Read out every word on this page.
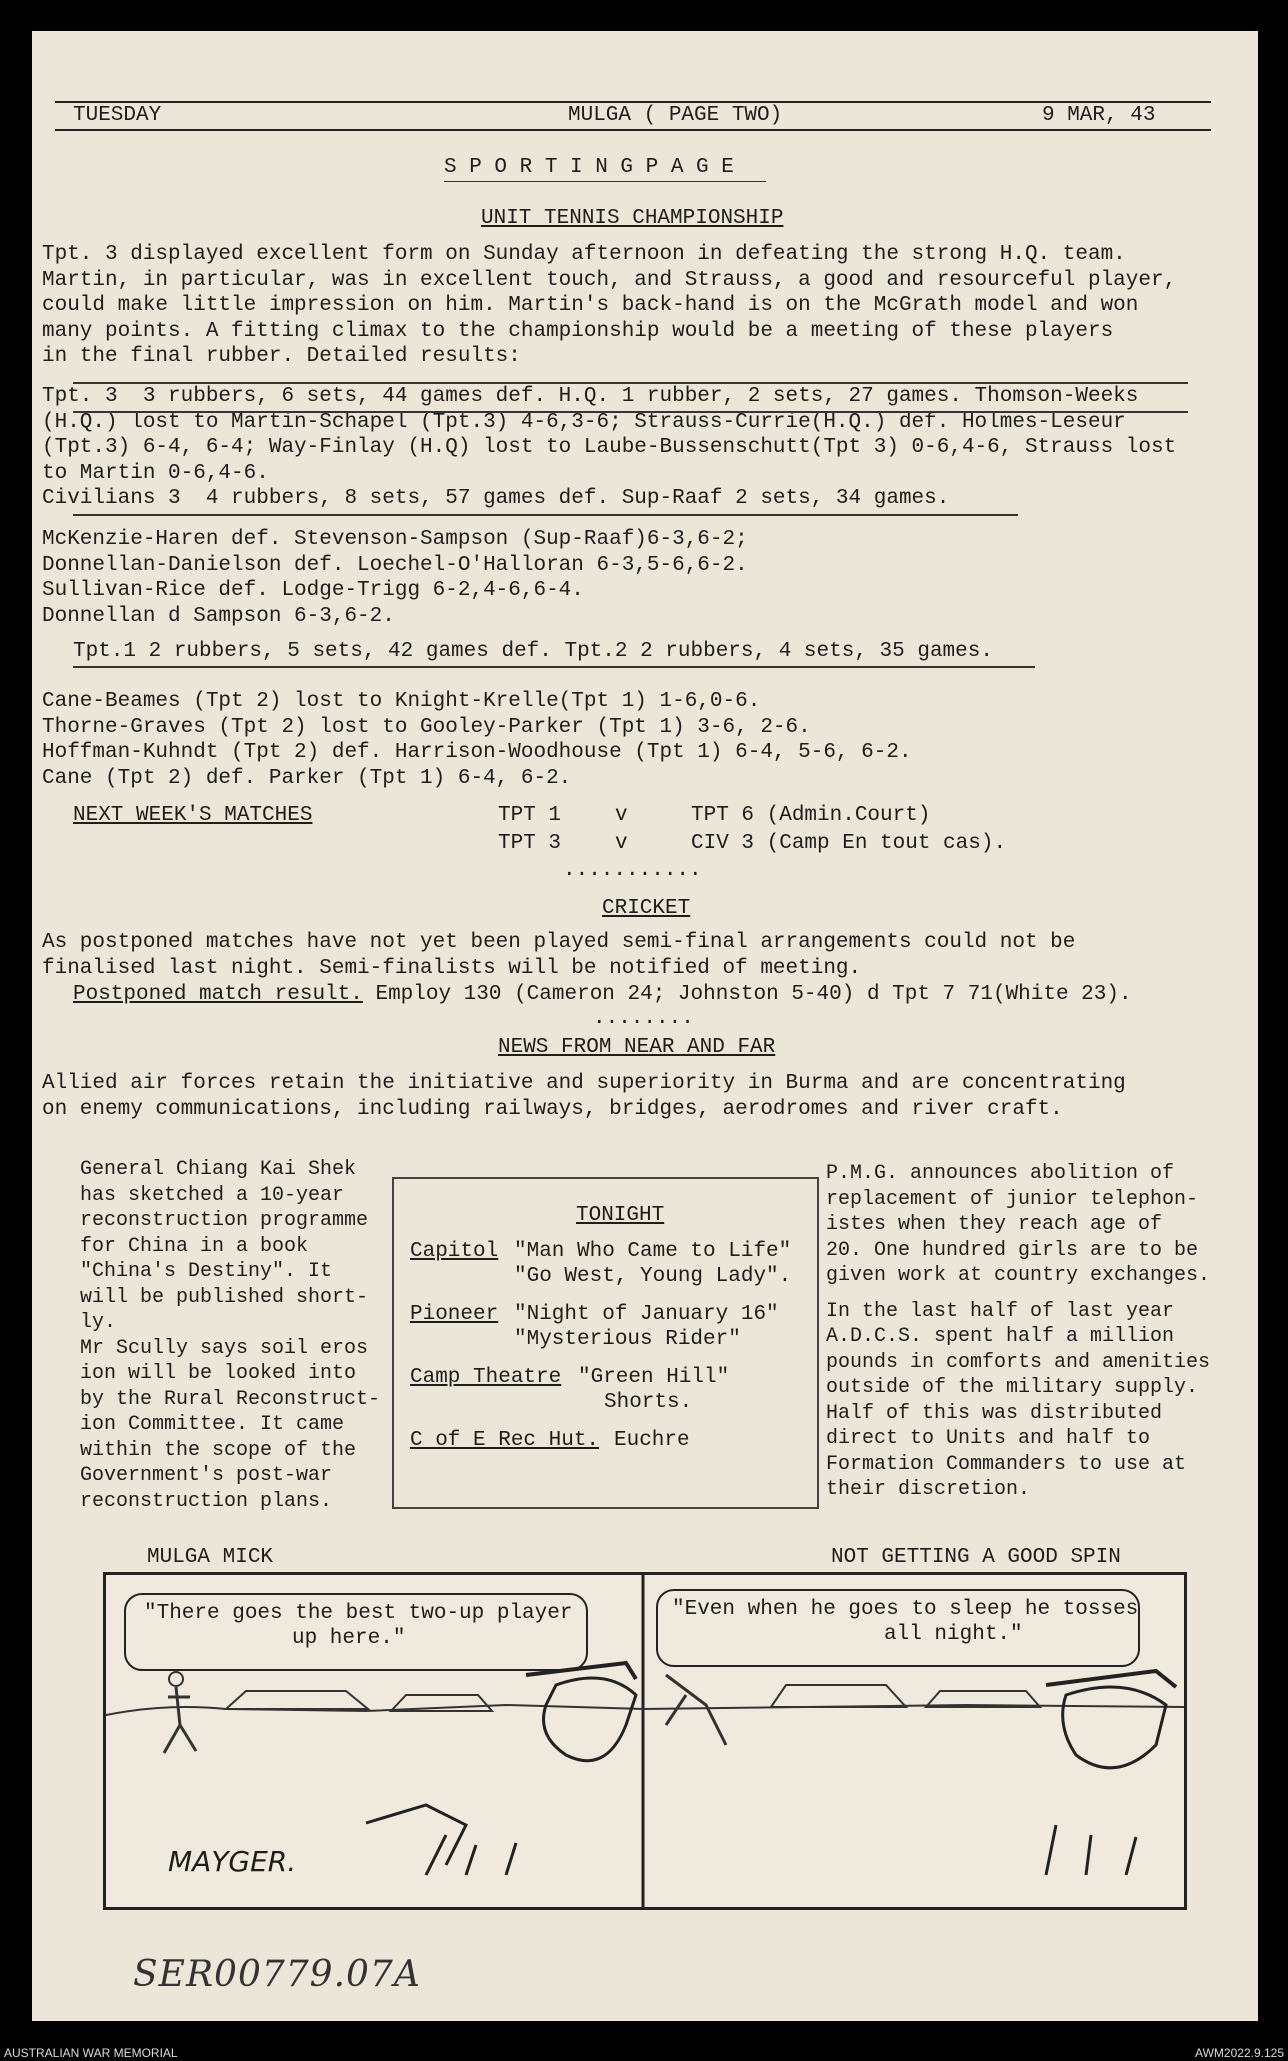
TUESDAY	MULGA ( PAGE TWO)	9 MAR, 43
S P O R T I N G P A G E
UNIT TENNIS CHAMPIONSHIP
Tpt. 3 displayed excellent form on Sunday afternoon in defeating the strong H.Q. team.
Martin, in particular, was in excellent touch, and Strauss, a good and resourceful player,
could make little impression on him. Martin's back-hand is on the McGrath model and won
many points. A fitting climax to the championship would be a meeting of these players
in the final rubber. Detailed results:
Tpt. 3  3 rubbers, 6 sets, 44 games def. H.Q. 1 rubber, 2 sets, 27 games. Thomson-Weeks
(H.Q.) lost to Martin-Schapel (Tpt.3) 4-6,3-6; Strauss-Currie(H.Q.) def. Holmes-Leseur
(Tpt.3) 6-4, 6-4; Way-Finlay (H.Q) lost to Laube-Bussenschutt(Tpt 3) 0-6,4-6, Strauss lost
to Martin 0-6,4-6.
Civilians 3  4 rubbers, 8 sets, 57 games def. Sup-Raaf 2 sets, 34 games.
McKenzie-Haren def. Stevenson-Sampson (Sup-Raaf)6-3,6-2;
Donnellan-Danielson def. Loechel-O'Halloran 6-3,5-6,6-2.
Sullivan-Rice def. Lodge-Trigg 6-2,4-6,6-4.
Donnellan d Sampson 6-3,6-2.
Tpt.1 2 rubbers, 5 sets, 42 games def. Tpt.2 2 rubbers, 4 sets, 35 games.
Cane-Beames (Tpt 2) lost to Knight-Krelle(Tpt 1) 1-6,0-6.
Thorne-Graves (Tpt 2) lost to Gooley-Parker (Tpt 1) 3-6, 2-6.
Hoffman-Kuhndt (Tpt 2) def. Harrison-Woodhouse (Tpt 1) 6-4, 5-6, 6-2.
Cane (Tpt 2) def. Parker (Tpt 1) 6-4, 6-2.
NEXT WEEK'S MATCHES	TPT 1	v	TPT 6 (Admin.Court)
TPT 3	v	CIV 3 (Camp En tout cas).
...........
CRICKET
As postponed matches have not yet been played semi-final arrangements could not be
finalised last night. Semi-finalists will be notified of meeting.
Postponed match result. Employ 130 (Cameron 24; Johnston 5-40) d Tpt 7 71(White 23).
........
NEWS FROM NEAR AND FAR
Allied air forces retain the initiative and superiority in Burma and are concentrating
on enemy communications, including railways, bridges, aerodromes and river craft.
General Chiang Kai Shek
has sketched a 10-year
reconstruction programme
for China in a book
"China's Destiny". It
will be published short-
ly.
Mr Scully says soil eros
ion will be looked into
by the Rural Reconstruct-
ion Committee. It came
within the scope of the
Government's post-war
reconstruction plans.
TONIGHT
Capitol "Man Who Came to Life"
"Go West, Young Lady".
Pioneer "Night of January 16"
"Mysterious Rider"
Camp Theatre "Green Hill"
Shorts.
C of E Rec Hut. Euchre
P.M.G. announces abolition of
replacement of junior telephon-
istes when they reach age of
20. One hundred girls are to be
given work at country exchanges.
In the last half of last year
A.D.C.S. spent half a million
pounds in comforts and amenities
outside of the military supply.
Half of this was distributed
direct to Units and half to
Formation Commanders to use at
their discretion.
MULGA MICK	NOT GETTING A GOOD SPIN
"There goes the best two-up player
up here."
"Even when he goes to sleep he tosses
all night."
MAYGER.
SER00779.07A
AUSTRALIAN WAR MEMORIAL	AWM2022.9.125
